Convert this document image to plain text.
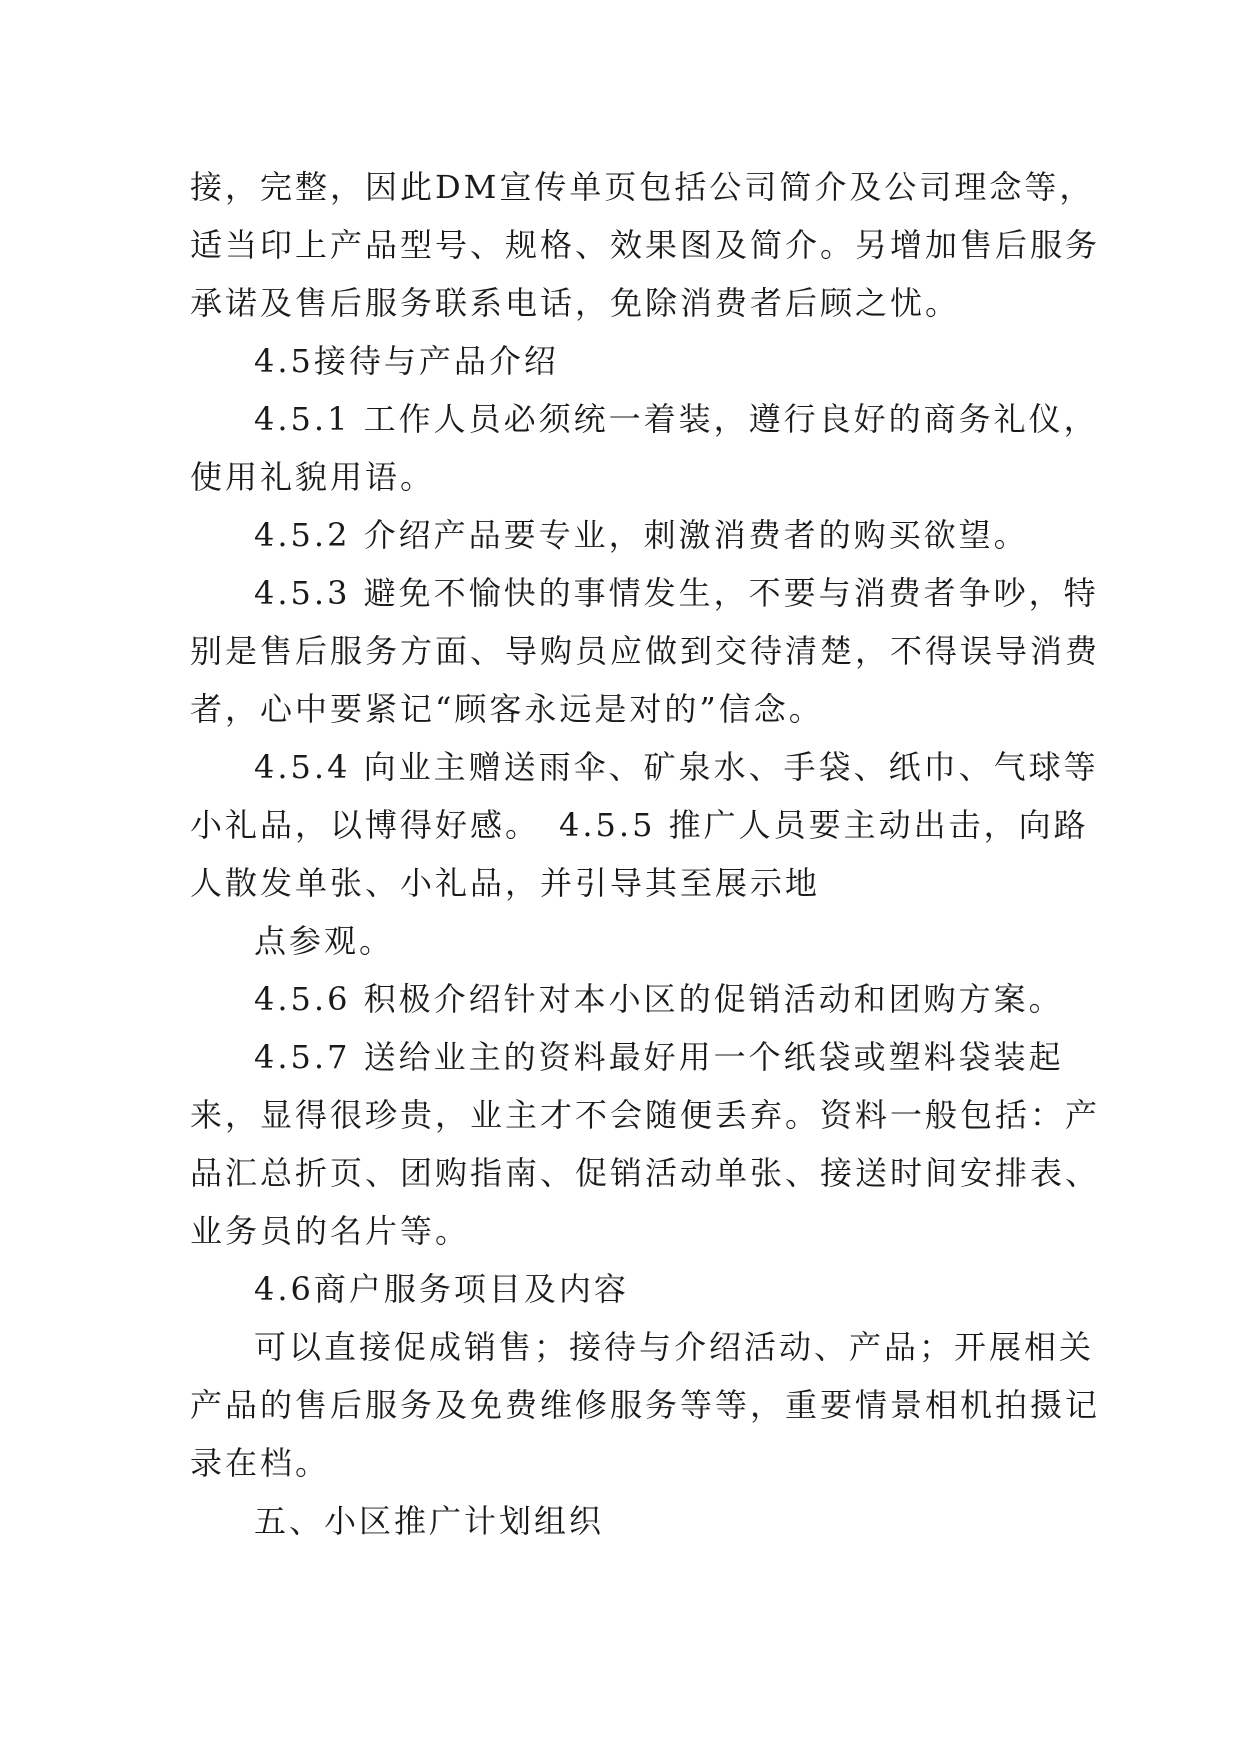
接，完整，因此DM宣传单页包括公司简介及公司理念等，
适当印上产品型号、规格、效果图及简介。另增加售后服务
承诺及售后服务联系电话，免除消费者后顾之忧。
4.5接待与产品介绍
4.5.1 工作人员必须统一着装，遵行良好的商务礼仪，
使用礼貌用语。
4.5.2 介绍产品要专业，刺激消费者的购买欲望。
4.5.3 避免不愉快的事情发生，不要与消费者争吵，特
别是售后服务方面、导购员应做到交待清楚，不得误导消费
者，心中要紧记“顾客永远是对的”信念。
4.5.4 向业主赠送雨伞、矿泉水、手袋、纸巾、气球等
小礼品，以博得好感。　4.5.5 推广人员要主动出击，向路
人散发单张、小礼品，并引导其至展示地
点参观。
4.5.6 积极介绍针对本小区的促销活动和团购方案。
4.5.7 送给业主的资料最好用一个纸袋或塑料袋装起
来，显得很珍贵，业主才不会随便丢弃。资料一般包括：产
品汇总折页、团购指南、促销活动单张、接送时间安排表、
业务员的名片等。
4.6商户服务项目及内容
可以直接促成销售；接待与介绍活动、产品；开展相关
产品的售后服务及免费维修服务等等，重要情景相机拍摄记
录在档。
五、小区推广计划组织
